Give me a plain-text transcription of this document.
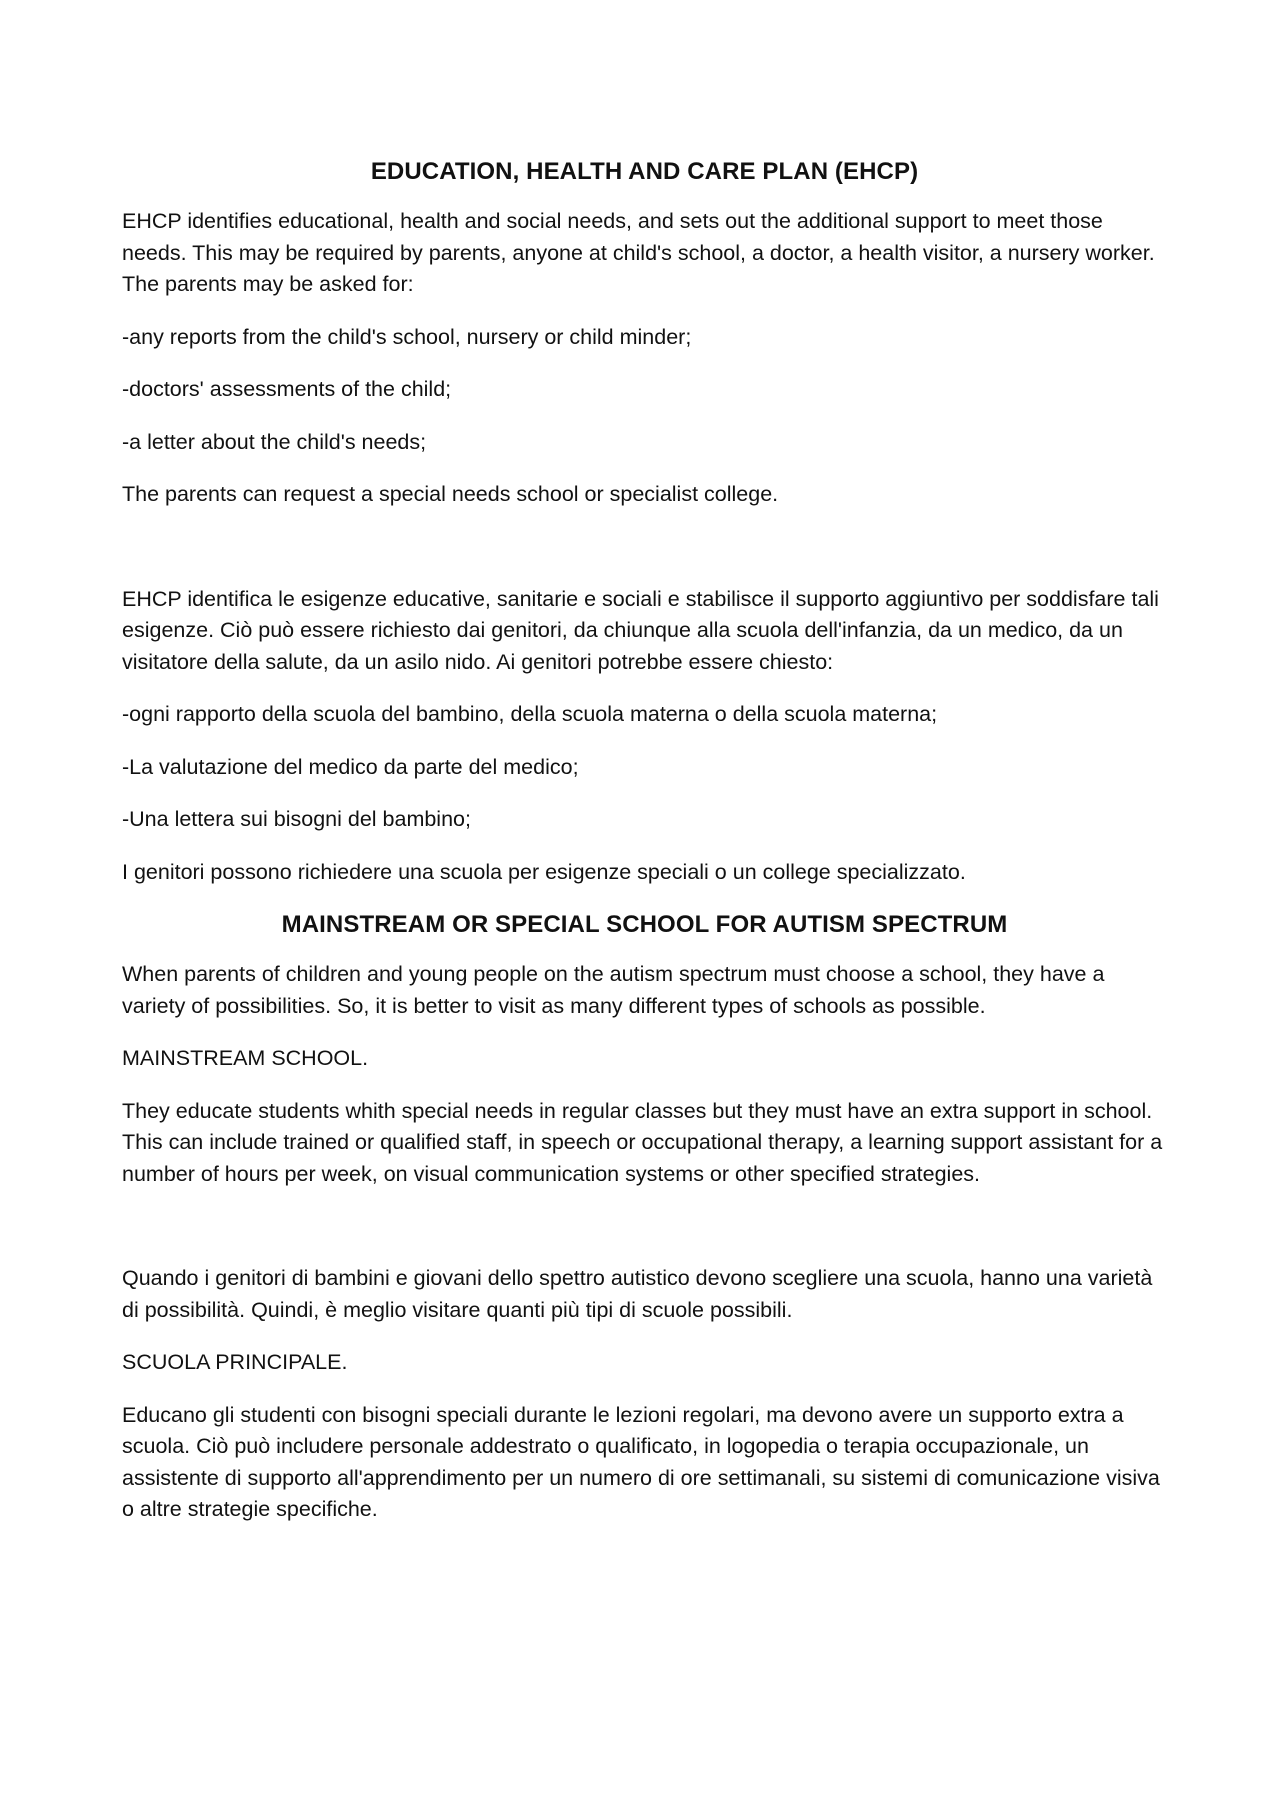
EDUCATION, HEALTH AND CARE PLAN (EHCP)

EHCP identifies educational, health and social needs, and sets out the additional support to meet those needs. This may be required by parents, anyone at child's school, a doctor, a health visitor, a nursery worker. The parents may be asked for:

-any reports from the child's school, nursery or child minder;

-doctors' assessments of the child;

-a letter about the child's needs;

The parents can request a special needs school or specialist college.

EHCP identifica le esigenze educative, sanitarie e sociali e stabilisce il supporto aggiuntivo per soddisfare tali esigenze. Ciò può essere richiesto dai genitori, da chiunque alla scuola dell'infanzia, da un medico, da un visitatore della salute, da un asilo nido. Ai genitori potrebbe essere chiesto:

-ogni rapporto della scuola del bambino, della scuola materna o della scuola materna;

-La valutazione del medico da parte del medico;

-Una lettera sui bisogni del bambino;

I genitori possono richiedere una scuola per esigenze speciali o un college specializzato.

MAINSTREAM OR SPECIAL SCHOOL FOR AUTISM SPECTRUM

When parents of children and young people on the autism spectrum must choose a school, they have a variety of possibilities. So, it is better to visit as many different types of schools as possible.

MAINSTREAM SCHOOL.

They educate students whith special needs in regular classes but they must have an extra support in school. This can include trained or qualified staff, in speech or occupational therapy, a learning support assistant for a number of hours per week, on visual communication systems or other specified strategies.

Quando i genitori di bambini e giovani dello spettro autistico devono scegliere una scuola, hanno una varietà di possibilità. Quindi, è meglio visitare quanti più tipi di scuole possibili.

SCUOLA PRINCIPALE.

Educano gli studenti con bisogni speciali durante le lezioni regolari, ma devono avere un supporto extra a scuola. Ciò può includere personale addestrato o qualificato, in logopedia o terapia occupazionale, un assistente di supporto all'apprendimento per un numero di ore settimanali, su sistemi di comunicazione visiva o altre strategie specifiche.
